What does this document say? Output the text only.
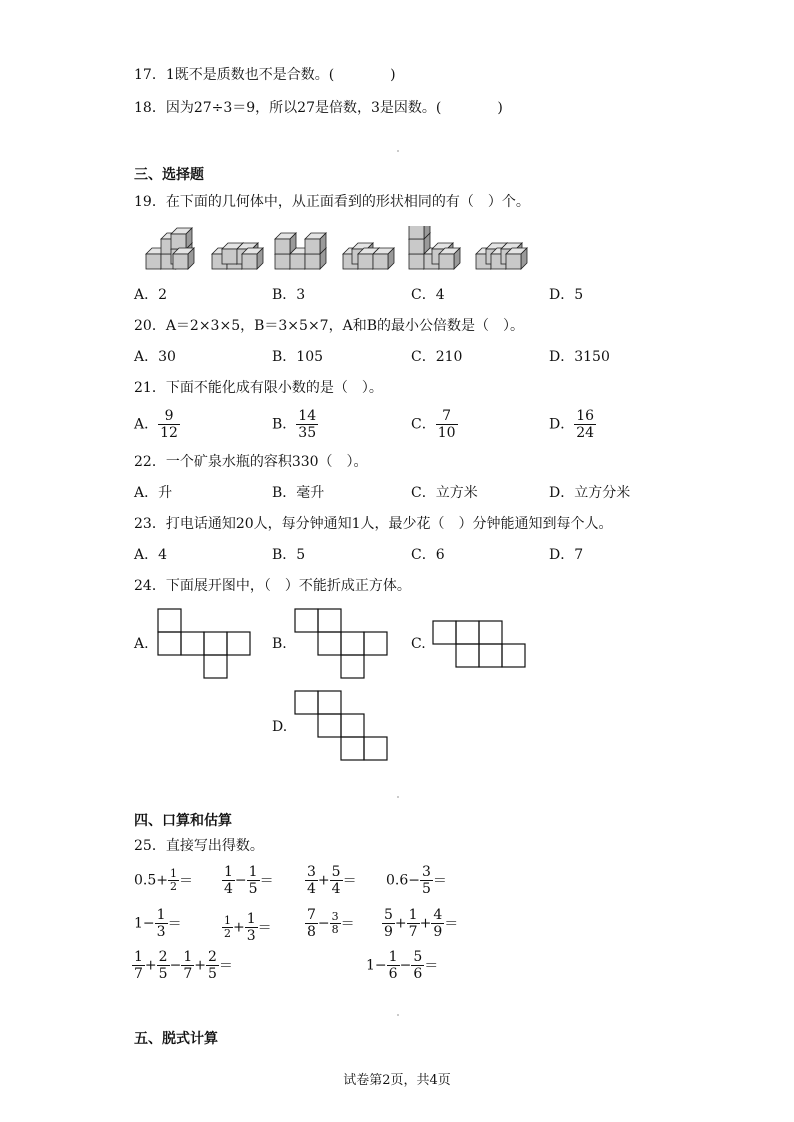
17．1既不是质数也不是合数。(　　　　)
18．因为27÷3＝9，所以27是倍数，3是因数。(　　　　)
三、选择题
19．在下面的几何体中，从正面看到的形状相同的有（　）个。
A．2	B．3	C．4	D．5
20．A＝2×3×5，B＝3×5×7，A和B的最小公倍数是（　）。
A．30	B．105	C．210	D．3150
21．下面不能化成有限小数的是（　）。
A． $\frac{9}{12}$	B． $\frac{14}{35}$	C． $\frac{7}{10}$	D． $\frac{16}{24}$
22．一个矿泉水瓶的容积330（　）。
A．升	B．毫升	C．立方米	D．立方分米
23．打电话通知20人，每分钟通知1人，最少花（　）分钟能通知到每个人。
A．4	B．5	C．6	D．7
24．下面展开图中，（　）不能折成正方体。
A.	B.	C.
D.
四、口算和估算
25．直接写出得数。
$0.5+ \frac{1}{2} = \frac{1}{4} - \frac{1}{5} = \frac{3}{4} + \frac{5}{4} = 0.6- \frac{3}{5}$ ＝
$1- \frac{1}{3}$ ＝	$\frac{1}{2} + \frac{1}{3} = \frac{7}{8} - \frac{3}{8} = \frac{5}{9} + \frac{1}{7} + \frac{4}{9}$ ＝
$\frac{1}{7} + \frac{2}{5} - \frac{1}{7} + \frac{2}{5}$ ＝	$1- \frac{1}{6} - \frac{5}{6}$ ＝
五、脱式计算
试卷第2页，共4页
